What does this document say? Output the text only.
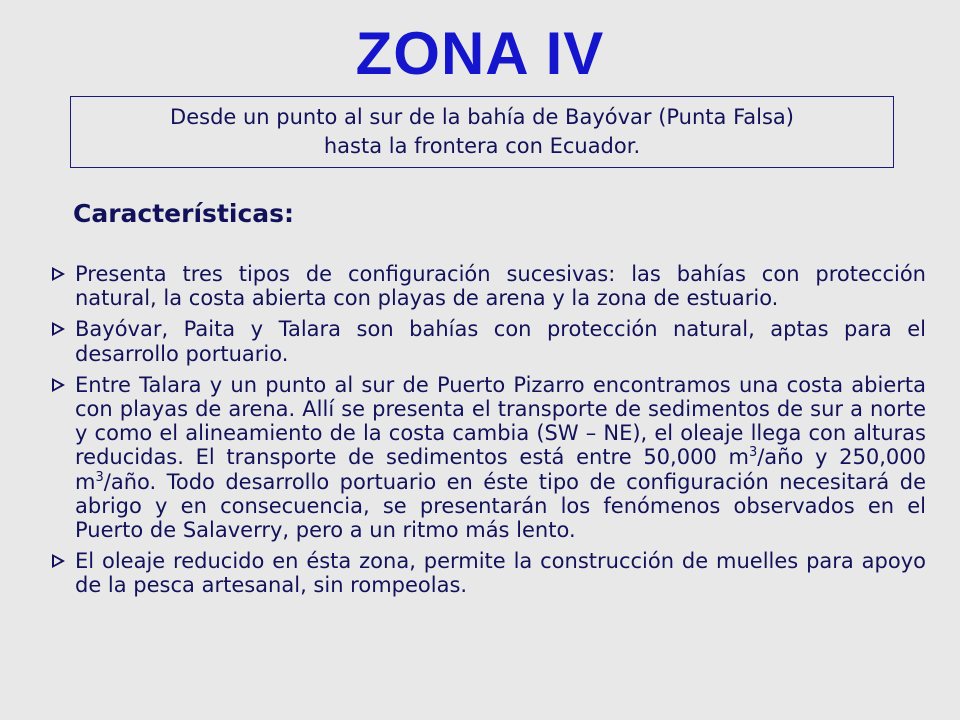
ZONA IV
Desde un punto al sur de la bahía de Bayóvar (Punta Falsa)
hasta la frontera con Ecuador.
Características:
Presenta tres tipos de configuración sucesivas: las bahías con protección natural, la costa abierta con playas de arena y la zona de estuario.
Bayóvar, Paita y Talara son bahías con protección natural, aptas para el desarrollo portuario.
Entre Talara y un punto al sur de Puerto Pizarro encontramos una costa abierta con playas de arena. Allí se presenta el transporte de sedimentos de sur a norte y como el alineamiento de la costa cambia (SW – NE), el oleaje llega con alturas reducidas. El transporte de sedimentos está entre 50,000 $m^3$/año y 250,000 $m^3$/año. Todo desarrollo portuario en éste tipo de configuración necesitará de abrigo y en consecuencia, se presentarán los fenómenos observados en el Puerto de Salaverry, pero a un ritmo más lento.
El oleaje reducido en ésta zona, permite la construcción de muelles para apoyo de la pesca artesanal, sin rompeolas.
